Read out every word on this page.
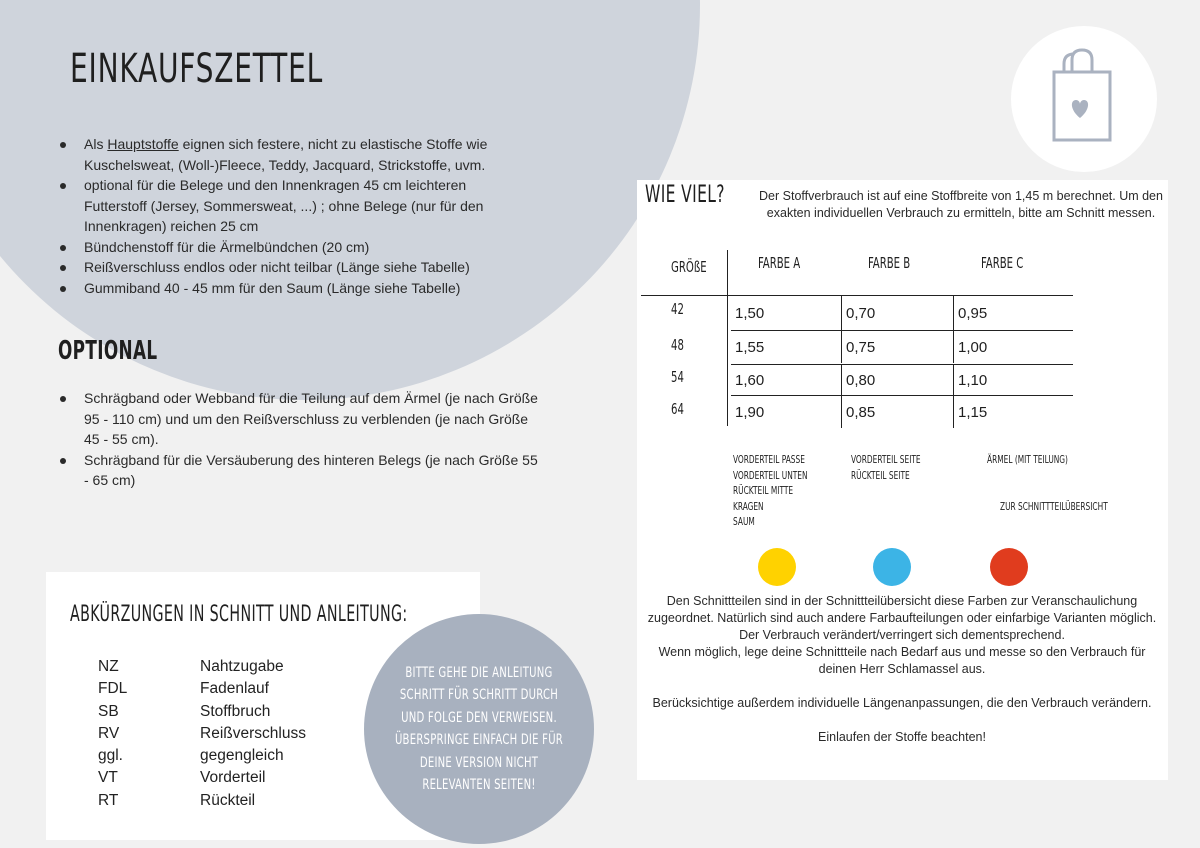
EINKAUFSZETTEL
Als Hauptstoffe eignen sich festere, nicht zu elastische Stoffe wie Kuschelsweat, (Woll-)Fleece, Teddy, Jacquard, Strickstoffe, uvm.
optional für die Belege und den Innenkragen 45 cm leichteren Futterstoff (Jersey, Sommersweat, ...) ; ohne Belege (nur für den Innenkragen) reichen 25 cm
Bündchenstoff für die Ärmelbündchen (20 cm)
Reißverschluss endlos oder nicht teilbar (Länge siehe Tabelle)
Gummiband 40 - 45 mm für den Saum (Länge siehe Tabelle)
OPTIONAL
Schrägband oder Webband für die Teilung auf dem Ärmel (je nach Größe 95 - 110 cm) und um den Reißverschluss zu verblenden (je nach Größe 45 - 55 cm).
Schrägband für die Versäuberung des hinteren Belegs (je nach Größe 55 - 65 cm)
ABKÜRZUNGEN IN SCHNITT UND ANLEITUNG:
NZ	Nahtzugabe
FDL	Fadenlauf
SB	Stoffbruch
RV	Reißverschluss
ggl.	gegengleich
VT	Vorderteil
RT	Rückteil
BITTE GEHE DIE ANLEITUNG SCHRITT FÜR SCHRITT DURCH UND FOLGE DEN VERWEISEN. ÜBERSPRINGE EINFACH DIE FÜR DEINE VERSION NICHT RELEVANTEN SEITEN!
WIE VIEL?	Der Stoffverbrauch ist auf eine Stoffbreite von 1,45 m berechnet. Um den exakten individuellen Verbrauch zu ermitteln, bitte am Schnitt messen.
GRÖßE	FARBE A	FARBE B	FARBE C
42	1,50	0,70	0,95
48	1,55	0,75	1,00
54	1,60	0,80	1,10
64	1,90	0,85	1,15
VORDERTEIL PASSE
VORDERTEIL UNTEN
RÜCKTEIL MITTE
KRAGEN
SAUM
VORDERTEIL SEITE
RÜCKTEIL SEITE
ÄRMEL (MIT TEILUNG)
ZUR SCHNITTTEILÜBERSICHT

Den Schnittteilen sind in der Schnittteilübersicht diese Farben zur Veranschaulichung zugeordnet. Natürlich sind auch andere Farbaufteilungen oder einfarbige Varianten möglich. Der Verbrauch verändert/verringert sich dementsprechend.

Wenn möglich, lege deine Schnittteile nach Bedarf aus und messe so den Verbrauch für deinen Herr Schlamassel aus.

Berücksichtige außerdem individuelle Längenanpassungen, die den Verbrauch verändern.

Einlaufen der Stoffe beachten!
